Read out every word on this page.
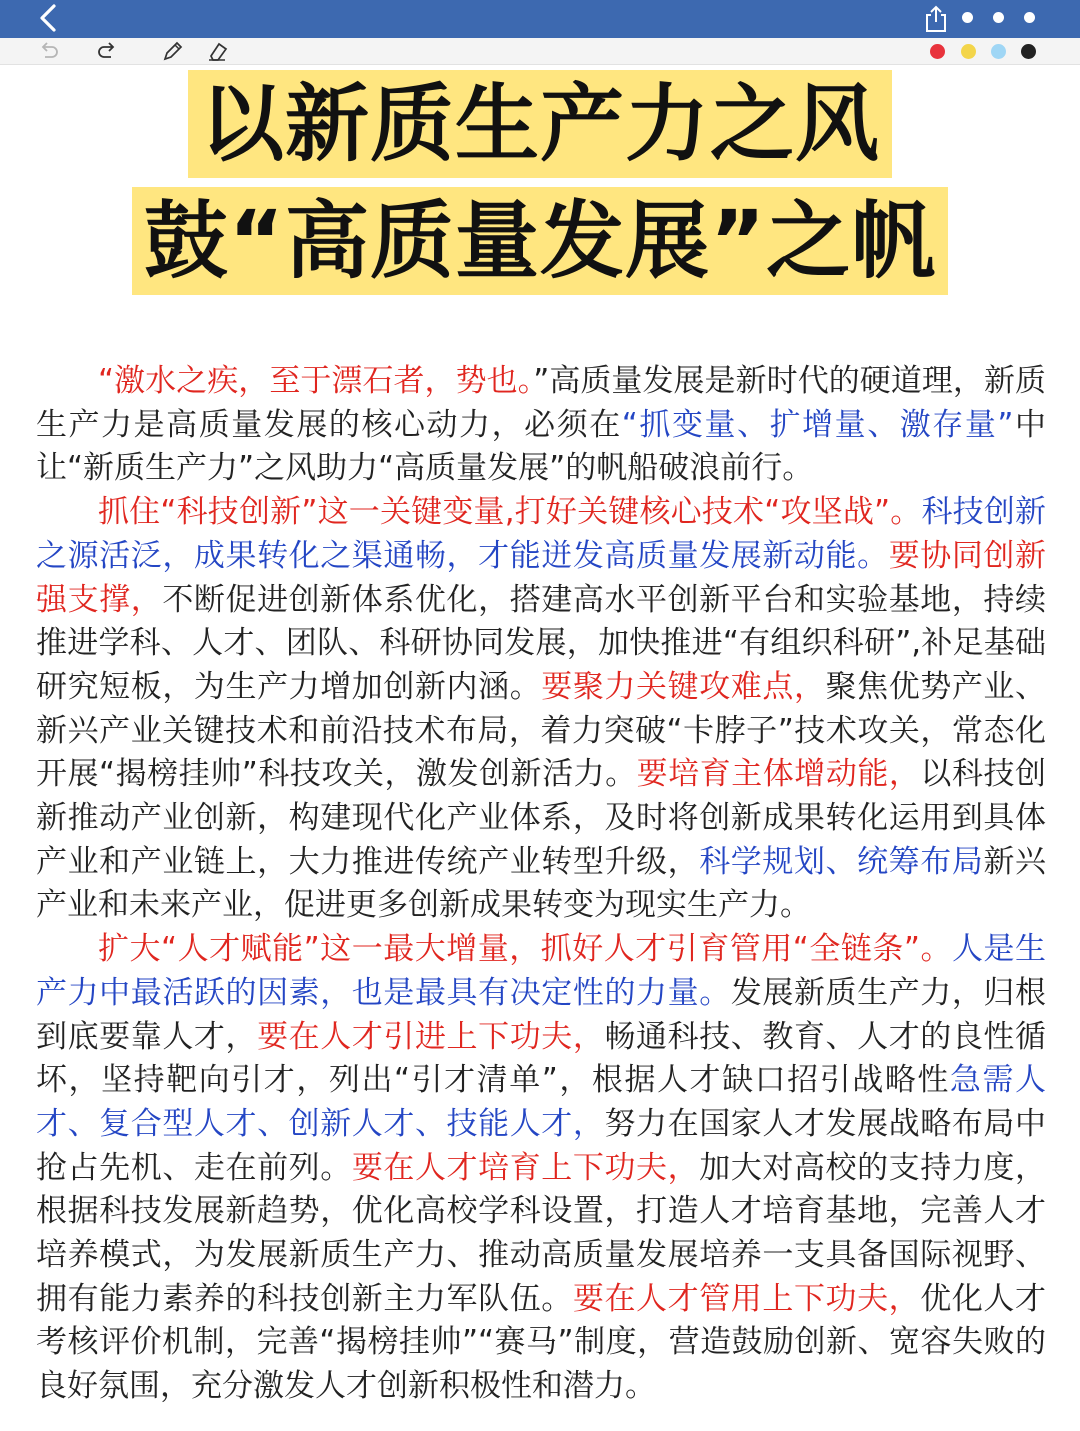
以新质生产力之风
鼓“高质量发展”之帆

“激水之疾，至于漂石者，势也。”高质量发展是新时代的硬道理，新质生产力是高质量发展的核心动力，必须在“抓变量、扩增量、激存量”中让“新质生产力”之风助力“高质量发展”的帆船破浪前行。

抓住“科技创新”这一关键变量,打好关键核心技术“攻坚战”。科技创新之源活泛，成果转化之渠通畅，才能迸发高质量发展新动能。要协同创新强支撑，不断促进创新体系优化，搭建高水平创新平台和实验基地，持续推进学科、人才、团队、科研协同发展，加快推进“有组织科研”,补足基础研究短板，为生产力增加创新内涵。要聚力关键攻难点，聚焦优势产业、新兴产业关键技术和前沿技术布局，着力突破“卡脖子”技术攻关，常态化开展“揭榜挂帅”科技攻关，激发创新活力。要培育主体增动能，以科技创新推动产业创新，构建现代化产业体系，及时将创新成果转化运用到具体产业和产业链上，大力推进传统产业转型升级，科学规划、统筹布局新兴产业和未来产业，促进更多创新成果转变为现实生产力。

扩大“人才赋能”这一最大增量，抓好人才引育管用“全链条”。人是生产力中最活跃的因素，也是最具有决定性的力量。发展新质生产力，归根到底要靠人才，要在人才引进上下功夫，畅通科技、教育、人才的良性循坏，坚持靶向引才，列出“引才清单”，根据人才缺口招引战略性急需人才、复合型人才、创新人才、技能人才，努力在国家人才发展战略布局中抢占先机、走在前列。要在人才培育上下功夫，加大对高校的支持力度，根据科技发展新趋势，优化高校学科设置，打造人才培育基地，完善人才培养模式，为发展新质生产力、推动高质量发展培养一支具备国际视野、拥有能力素养的科技创新主力军队伍。要在人才管用上下功夫，优化人才考核评价机制，完善“揭榜挂帅”“赛马”制度，营造鼓励创新、宽容失败的良好氛围，充分激发人才创新积极性和潜力。
